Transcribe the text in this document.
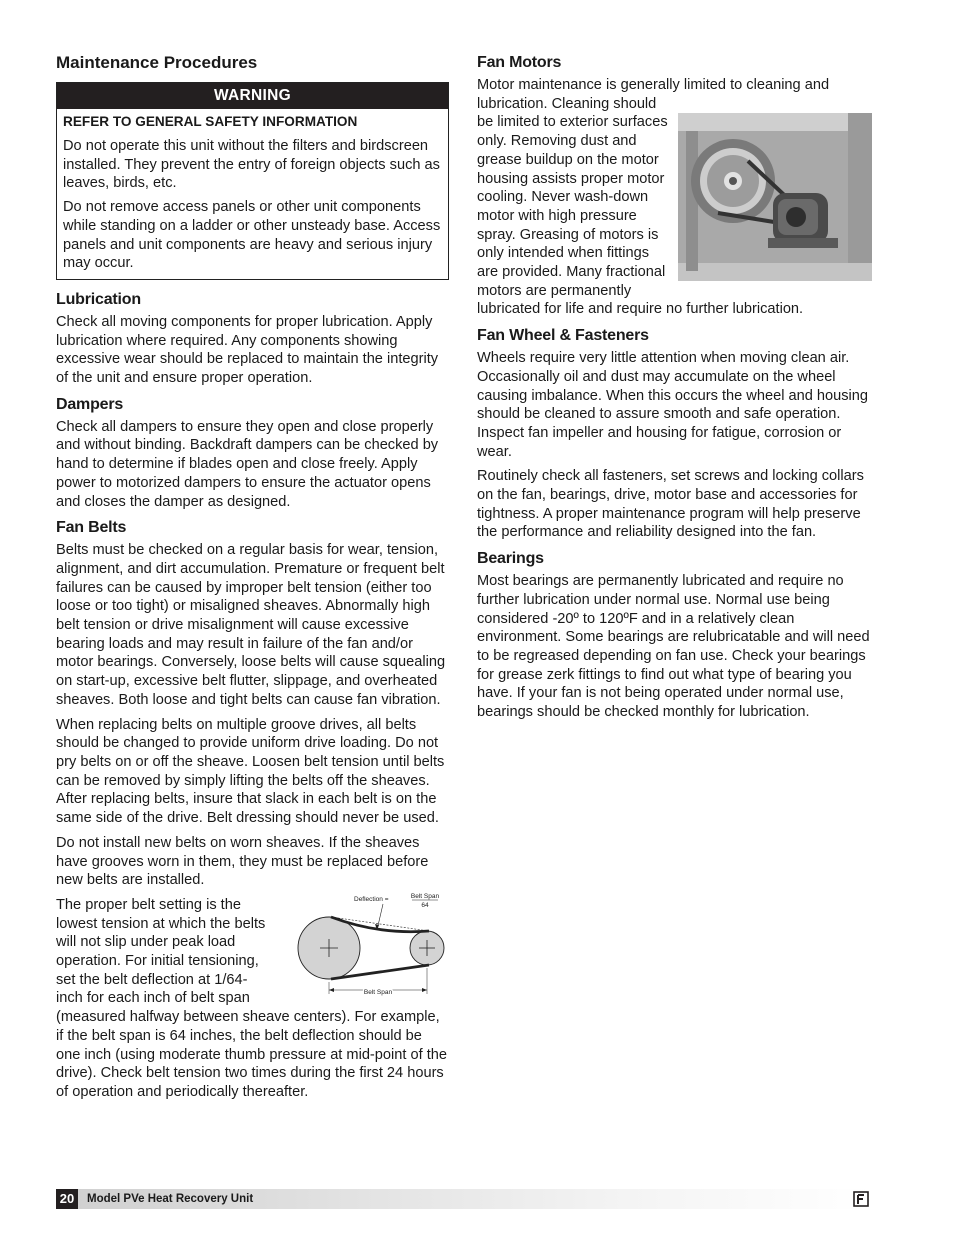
Maintenance Procedures
WARNING
REFER TO GENERAL SAFETY INFORMATION

Do not operate this unit without the filters and birdscreen installed. They prevent the entry of foreign objects such as leaves, birds, etc.

Do not remove access panels or other unit components while standing on a ladder or other unsteady base. Access panels and unit components are heavy and serious injury may occur.

Lubrication

Check all moving components for proper lubrication. Apply lubrication where required. Any components showing excessive wear should be replaced to maintain the integrity of the unit and ensure proper operation.

Dampers

Check all dampers to ensure they open and close properly and without binding. Backdraft dampers can be checked by hand to determine if blades open and close freely. Apply power to motorized dampers to ensure the actuator opens and closes the damper as designed.

Fan Belts

Belts must be checked on a regular basis for wear, tension, alignment, and dirt accumulation. Premature or frequent belt failures can be caused by improper belt tension (either too loose or too tight) or misaligned sheaves. Abnormally high belt tension or drive misalignment will cause excessive bearing loads and may result in failure of the fan and/or motor bearings. Conversely, loose belts will cause squealing on start-up, excessive belt flutter, slippage, and overheated sheaves. Both loose and tight belts can cause fan vibration.

When replacing belts on multiple groove drives, all belts should be changed to provide uniform drive loading. Do not pry belts on or off the sheave. Loosen belt tension until belts can be removed by simply lifting the belts off the sheaves. After replacing belts, insure that slack in each belt is on the same side of the drive. Belt dressing should never be used.

Do not install new belts on worn sheaves. If the sheaves have grooves worn in them, they must be replaced before new belts are installed.

Deflection =	Belt Span
64
Belt Span

The proper belt setting is the lowest tension at which the belts will not slip under peak load operation. For initial tensioning, set the belt deflection at 1/64-inch for each inch of belt span (measured halfway between sheave centers). For example, if the belt span is 64 inches, the belt deflection should be one inch (using moderate thumb pressure at mid-point of the drive). Check belt tension two times during the first 24 hours of operation and periodically thereafter.

Fan Motors

Motor maintenance is generally limited to cleaning and lubrication. Cleaning should be limited to exterior surfaces only. Removing dust and grease buildup on the motor housing assists proper motor cooling. Never wash-down motor with high pressure spray. Greasing of motors is only intended when fittings are provided. Many fractional motors are permanently lubricated for life and require no further lubrication.

Fan Wheel & Fasteners

Wheels require very little attention when moving clean air. Occasionally oil and dust may accumulate on the wheel causing imbalance. When this occurs the wheel and housing should be cleaned to assure smooth and safe operation. Inspect fan impeller and housing for fatigue, corrosion or wear.

Routinely check all fasteners, set screws and locking collars on the fan, bearings, drive, motor base and accessories for tightness. A proper maintenance program will help preserve the performance and reliability designed into the fan.

Bearings

Most bearings are permanently lubricated and require no further lubrication under normal use. Normal use being considered -20º to 120ºF and in a relatively clean environment. Some bearings are relubricatable and will need to be regreased depending on fan use. Check your bearings for grease zerk fittings to find out what type of bearing you have. If your fan is not being operated under normal use, bearings should be checked monthly for lubrication.

20	Model PVe Heat Recovery Unit
